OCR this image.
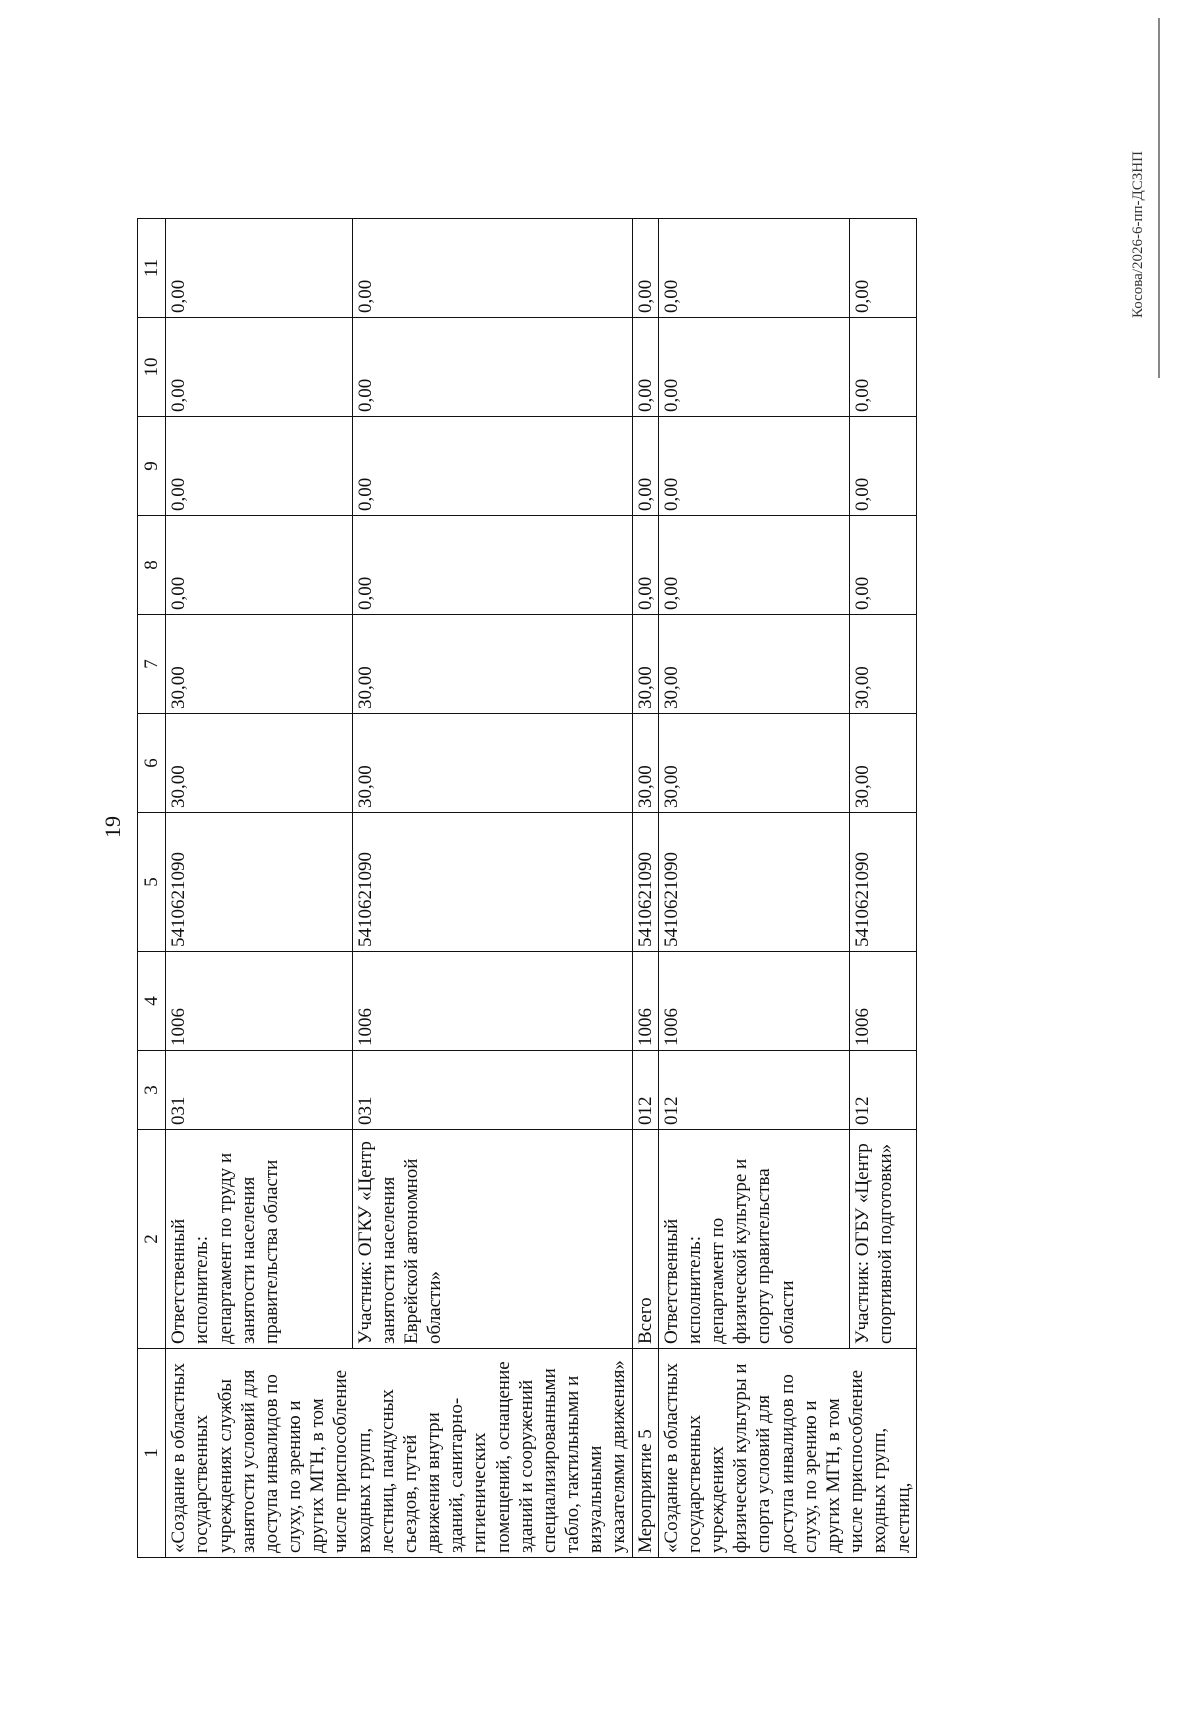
19
1	2	3	4	5	6	7	8	9	10	11
«Создание в областных государственных учреждениях службы занятости условий для доступа инвалидов по слуху, по зрению и других МГН, в том числе приспособление входных групп, лестниц, пандусных съездов, путей движения внутри зданий, санитарно-гигиенических помещений, оснащение зданий и сооружений специализированными табло, тактильными и визуальными указателями движения»	Ответственный исполнитель: департамент по труду и занятости населения правительства области	031	1006	5410621090	30,00	30,00	0,00	0,00	0,00	0,00
	Участник: ОГКУ «Центр занятости населения Еврейской автономной области»	031	1006	5410621090	30,00	30,00	0,00	0,00	0,00	0,00
Мероприятие 5	Всего	012	1006	5410621090	30,00	30,00	0,00	0,00	0,00	0,00
«Создание в областных государственных учреждениях физической культуры и спорта условий для доступа инвалидов по слуху, по зрению и других МГН, в том числе приспособление входных групп, лестниц,	Ответственный исполнитель: департамент по физической культуре и спорту правительства области	012	1006	5410621090	30,00	30,00	0,00	0,00	0,00	0,00
	Участник: ОГБУ «Центр спортивной подготовки»	012	1006	5410621090	30,00	30,00	0,00	0,00	0,00	0,00	Косова/2026-6-пп-ДСЗНП
